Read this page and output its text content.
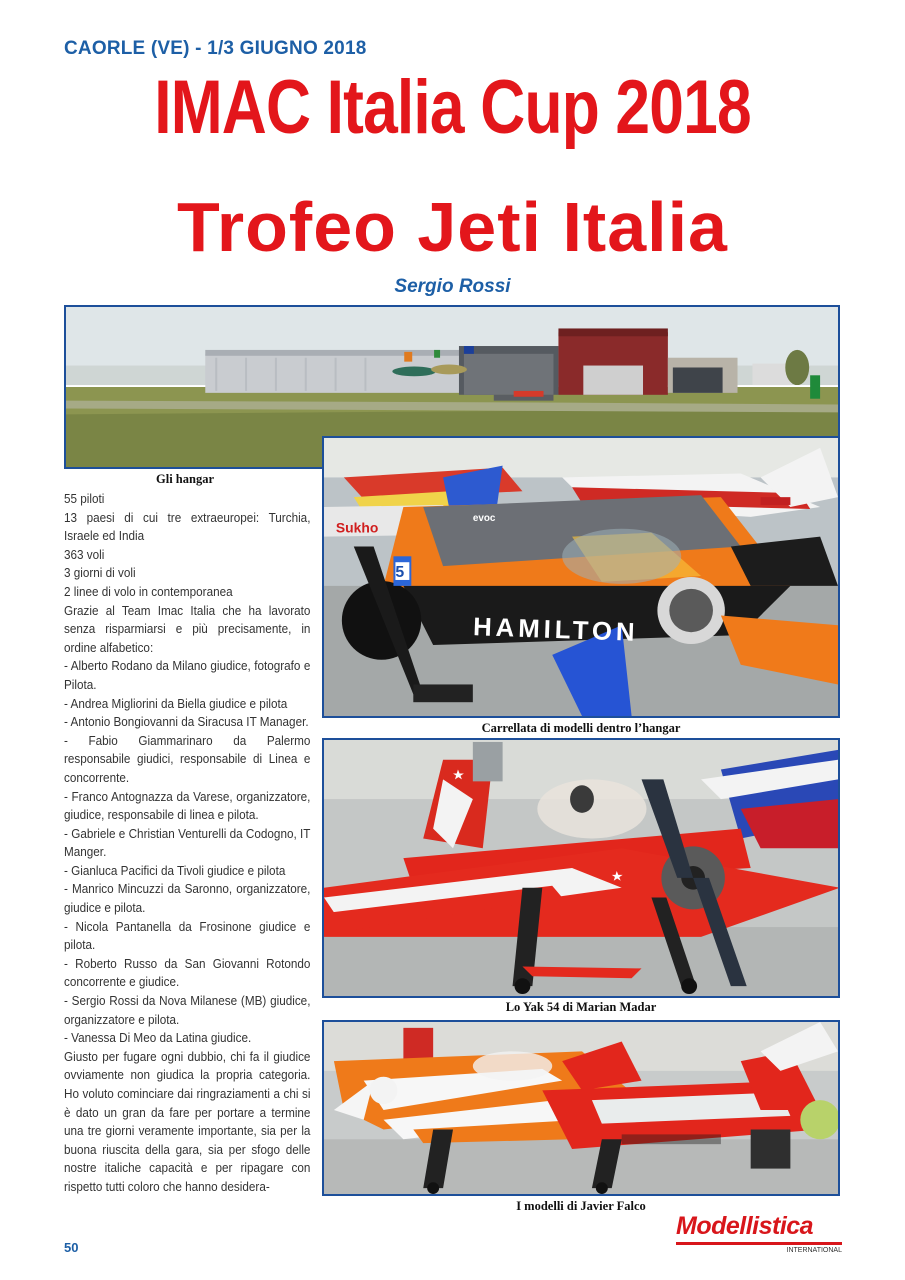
CAORLE (VE) - 1/3 GIUGNO 2018
IMAC Italia Cup 2018
Trofeo Jeti Italia
Sergio Rossi
Gli hangar
5
HAMILTON
Sukho
evoc
Carrellata di modelli dentro l’hangar
Lo Yak 54 di Marian Madar
I modelli di Javier Falco

55 piloti

13 paesi di cui tre extraeuropei: Turchia, Israele ed India

363 voli

3 giorni di voli

2 linee di volo in contemporanea

Grazie al Team Imac Italia che ha lavorato senza risparmiarsi e più precisamente, in ordine alfabetico:

- Alberto Rodano da Milano giudice, fotografo e Pilota.

- Andrea Migliorini da Biella giudice e pilota

- Antonio Bongiovanni da Siracusa IT Manager.

- Fabio Giammarinaro da Palermo responsabile giudici, responsabile di Linea e concorrente.

- Franco Antognazza da Varese, organizzatore, giudice, responsabile di linea e pilota.

- Gabriele e Christian Venturelli da Codogno, IT Manger.

- Gianluca Pacifici da Tivoli giudice e pilota

- Manrico Mincuzzi da Saronno, organizzatore, giudice e pilota.

- Nicola Pantanella da Frosinone giudice e pilota.

- Roberto Russo da San Giovanni Rotondo concorrente e giudice.

- Sergio Rossi da Nova Milanese (MB) giudice, organizzatore e pilota.

- Vanessa Di Meo da Latina giudice.

Giusto per fugare ogni dubbio, chi fa il giudice ovviamente non giudica la propria categoria. Ho voluto cominciare dai ringraziamenti a chi si è dato un gran da fare per portare a termine una tre giorni veramente importante, sia per la buona riuscita della gara, sia per sfogo delle nostre italiche capacità e per ripagare con rispetto tutti coloro che hanno desidera-

50
Modellistica
INTERNATIONAL
